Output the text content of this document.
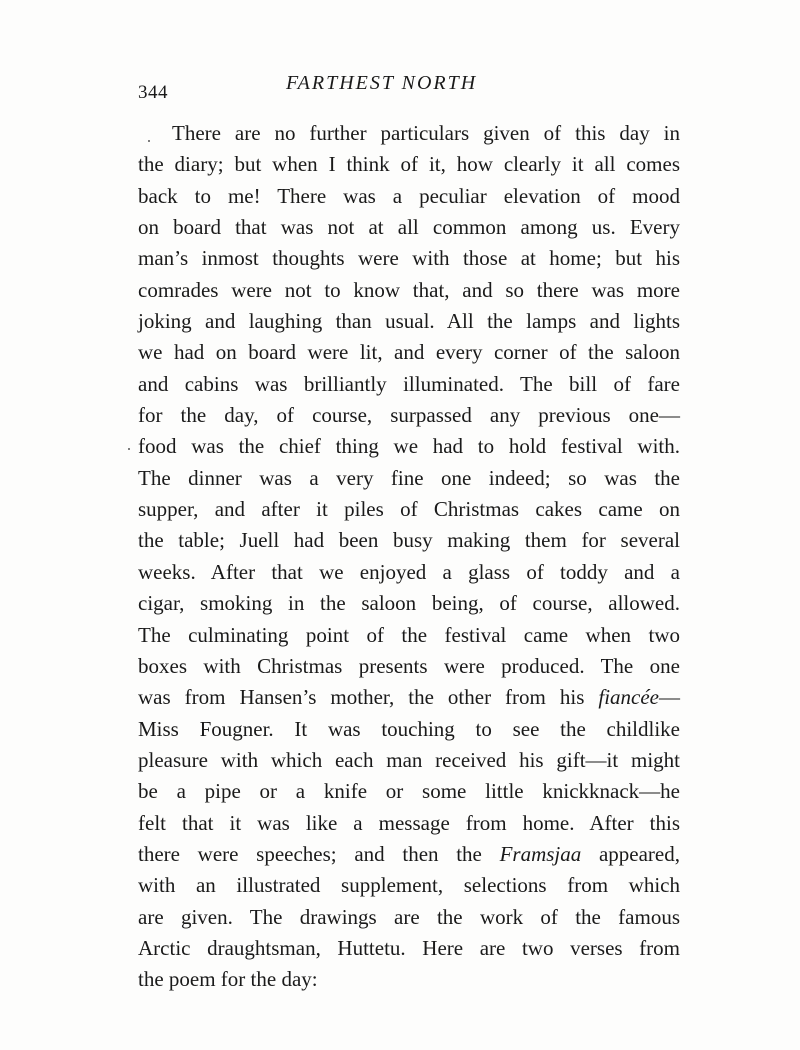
344	FARTHEST NORTH
There are no further particulars given of this day in
the diary; but when I think of it, how clearly it all comes
back to me! There was a peculiar elevation of mood
on board that was not at all common among us. Every
man’s inmost thoughts were with those at home; but his
comrades were not to know that, and so there was more
joking and laughing than usual. All the lamps and lights
we had on board were lit, and every corner of the saloon
and cabins was brilliantly illuminated. The bill of fare
for the day, of course, surpassed any previous one—
food was the chief thing we had to hold festival with.
The dinner was a very fine one indeed; so was the
supper, and after it piles of Christmas cakes came on
the table; Juell had been busy making them for several
weeks. After that we enjoyed a glass of toddy and a
cigar, smoking in the saloon being, of course, allowed.
The culminating point of the festival came when two
boxes with Christmas presents were produced. The one
was from Hansen’s mother, the other from his fiancée—
Miss Fougner. It was touching to see the childlike
pleasure with which each man received his gift—it might
be a pipe or a knife or some little knickknack—he
felt that it was like a message from home. After this
there were speeches; and then the Framsjaa appeared,
with an illustrated supplement, selections from which
are given. The drawings are the work of the famous
Arctic draughtsman, Huttetu. Here are two verses from
the poem for the day:
